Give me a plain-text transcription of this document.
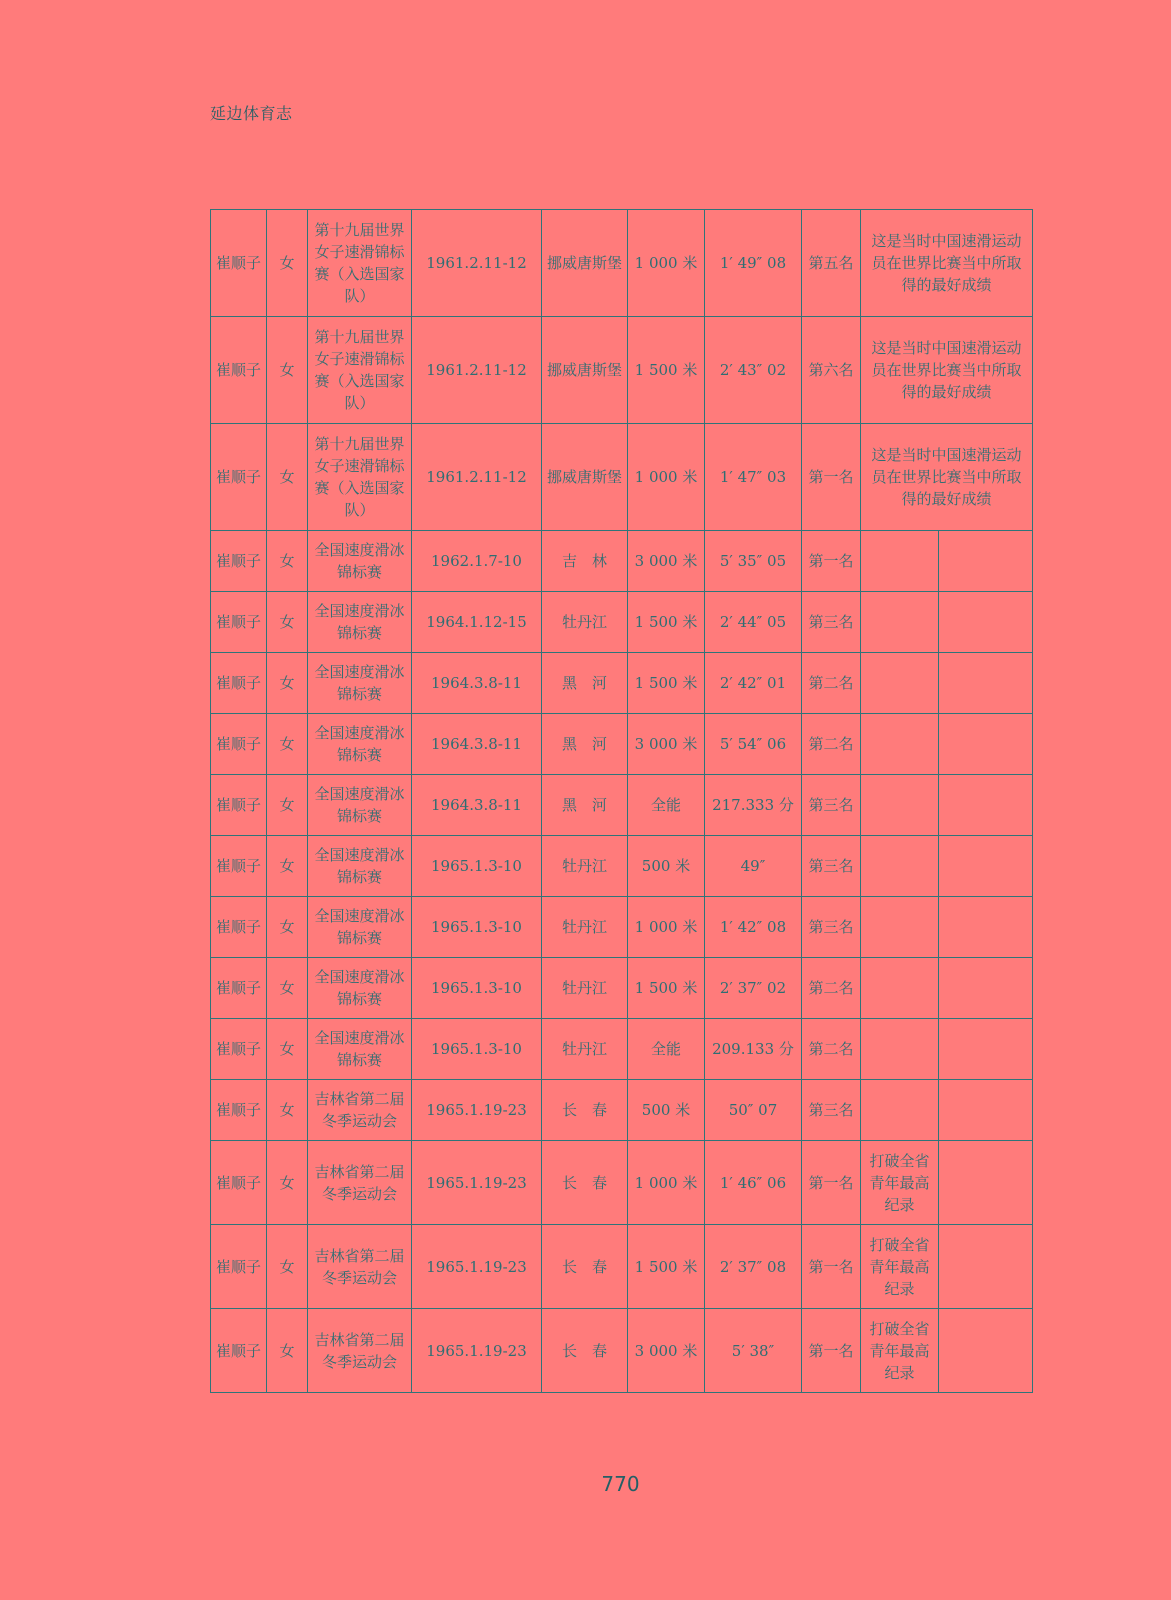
延边体育志
崔顺子	女	第十九届世界女子速滑锦标赛（入选国家队）	1961.2.11-12	挪威唐斯堡	1 000 米	1′ 49″ 08	第五名	这是当时中国速滑运动员在世界比赛当中所取得的最好成绩	
崔顺子	女	第十九届世界女子速滑锦标赛（入选国家队）	1961.2.11-12	挪威唐斯堡	1 500 米	2′ 43″ 02	第六名	这是当时中国速滑运动员在世界比赛当中所取得的最好成绩	
崔顺子	女	第十九届世界女子速滑锦标赛（入选国家队）	1961.2.11-12	挪威唐斯堡	1 000 米	1′ 47″ 03	第一名	这是当时中国速滑运动员在世界比赛当中所取得的最好成绩	
崔顺子	女	全国速度滑冰锦标赛	1962.1.7-10	吉　林	3 000 米	5′ 35″ 05	第一名		
崔顺子	女	全国速度滑冰锦标赛	1964.1.12-15	牡丹江	1 500 米	2′ 44″ 05	第三名		
崔顺子	女	全国速度滑冰锦标赛	1964.3.8-11	黑　河	1 500 米	2′ 42″ 01	第二名		
崔顺子	女	全国速度滑冰锦标赛	1964.3.8-11	黑　河	3 000 米	5′ 54″ 06	第二名		
崔顺子	女	全国速度滑冰锦标赛	1964.3.8-11	黑　河	全能	217.333 分	第三名		
崔顺子	女	全国速度滑冰锦标赛	1965.1.3-10	牡丹江	500 米	49″	第三名		
崔顺子	女	全国速度滑冰锦标赛	1965.1.3-10	牡丹江	1 000 米	1′ 42″ 08	第三名		
崔顺子	女	全国速度滑冰锦标赛	1965.1.3-10	牡丹江	1 500 米	2′ 37″ 02	第二名		
崔顺子	女	全国速度滑冰锦标赛	1965.1.3-10	牡丹江	全能	209.133 分	第二名		
崔顺子	女	吉林省第二届冬季运动会	1965.1.19-23	长　春	500 米	50″ 07	第三名		
崔顺子	女	吉林省第二届冬季运动会	1965.1.19-23	长　春	1 000 米	1′ 46″ 06	第一名	打破全省青年最高纪录	
崔顺子	女	吉林省第二届冬季运动会	1965.1.19-23	长　春	1 500 米	2′ 37″ 08	第一名	打破全省青年最高纪录	
崔顺子	女	吉林省第二届冬季运动会	1965.1.19-23	长　春	3 000 米	5′ 38″	第一名	打破全省青年最高纪录	
770
